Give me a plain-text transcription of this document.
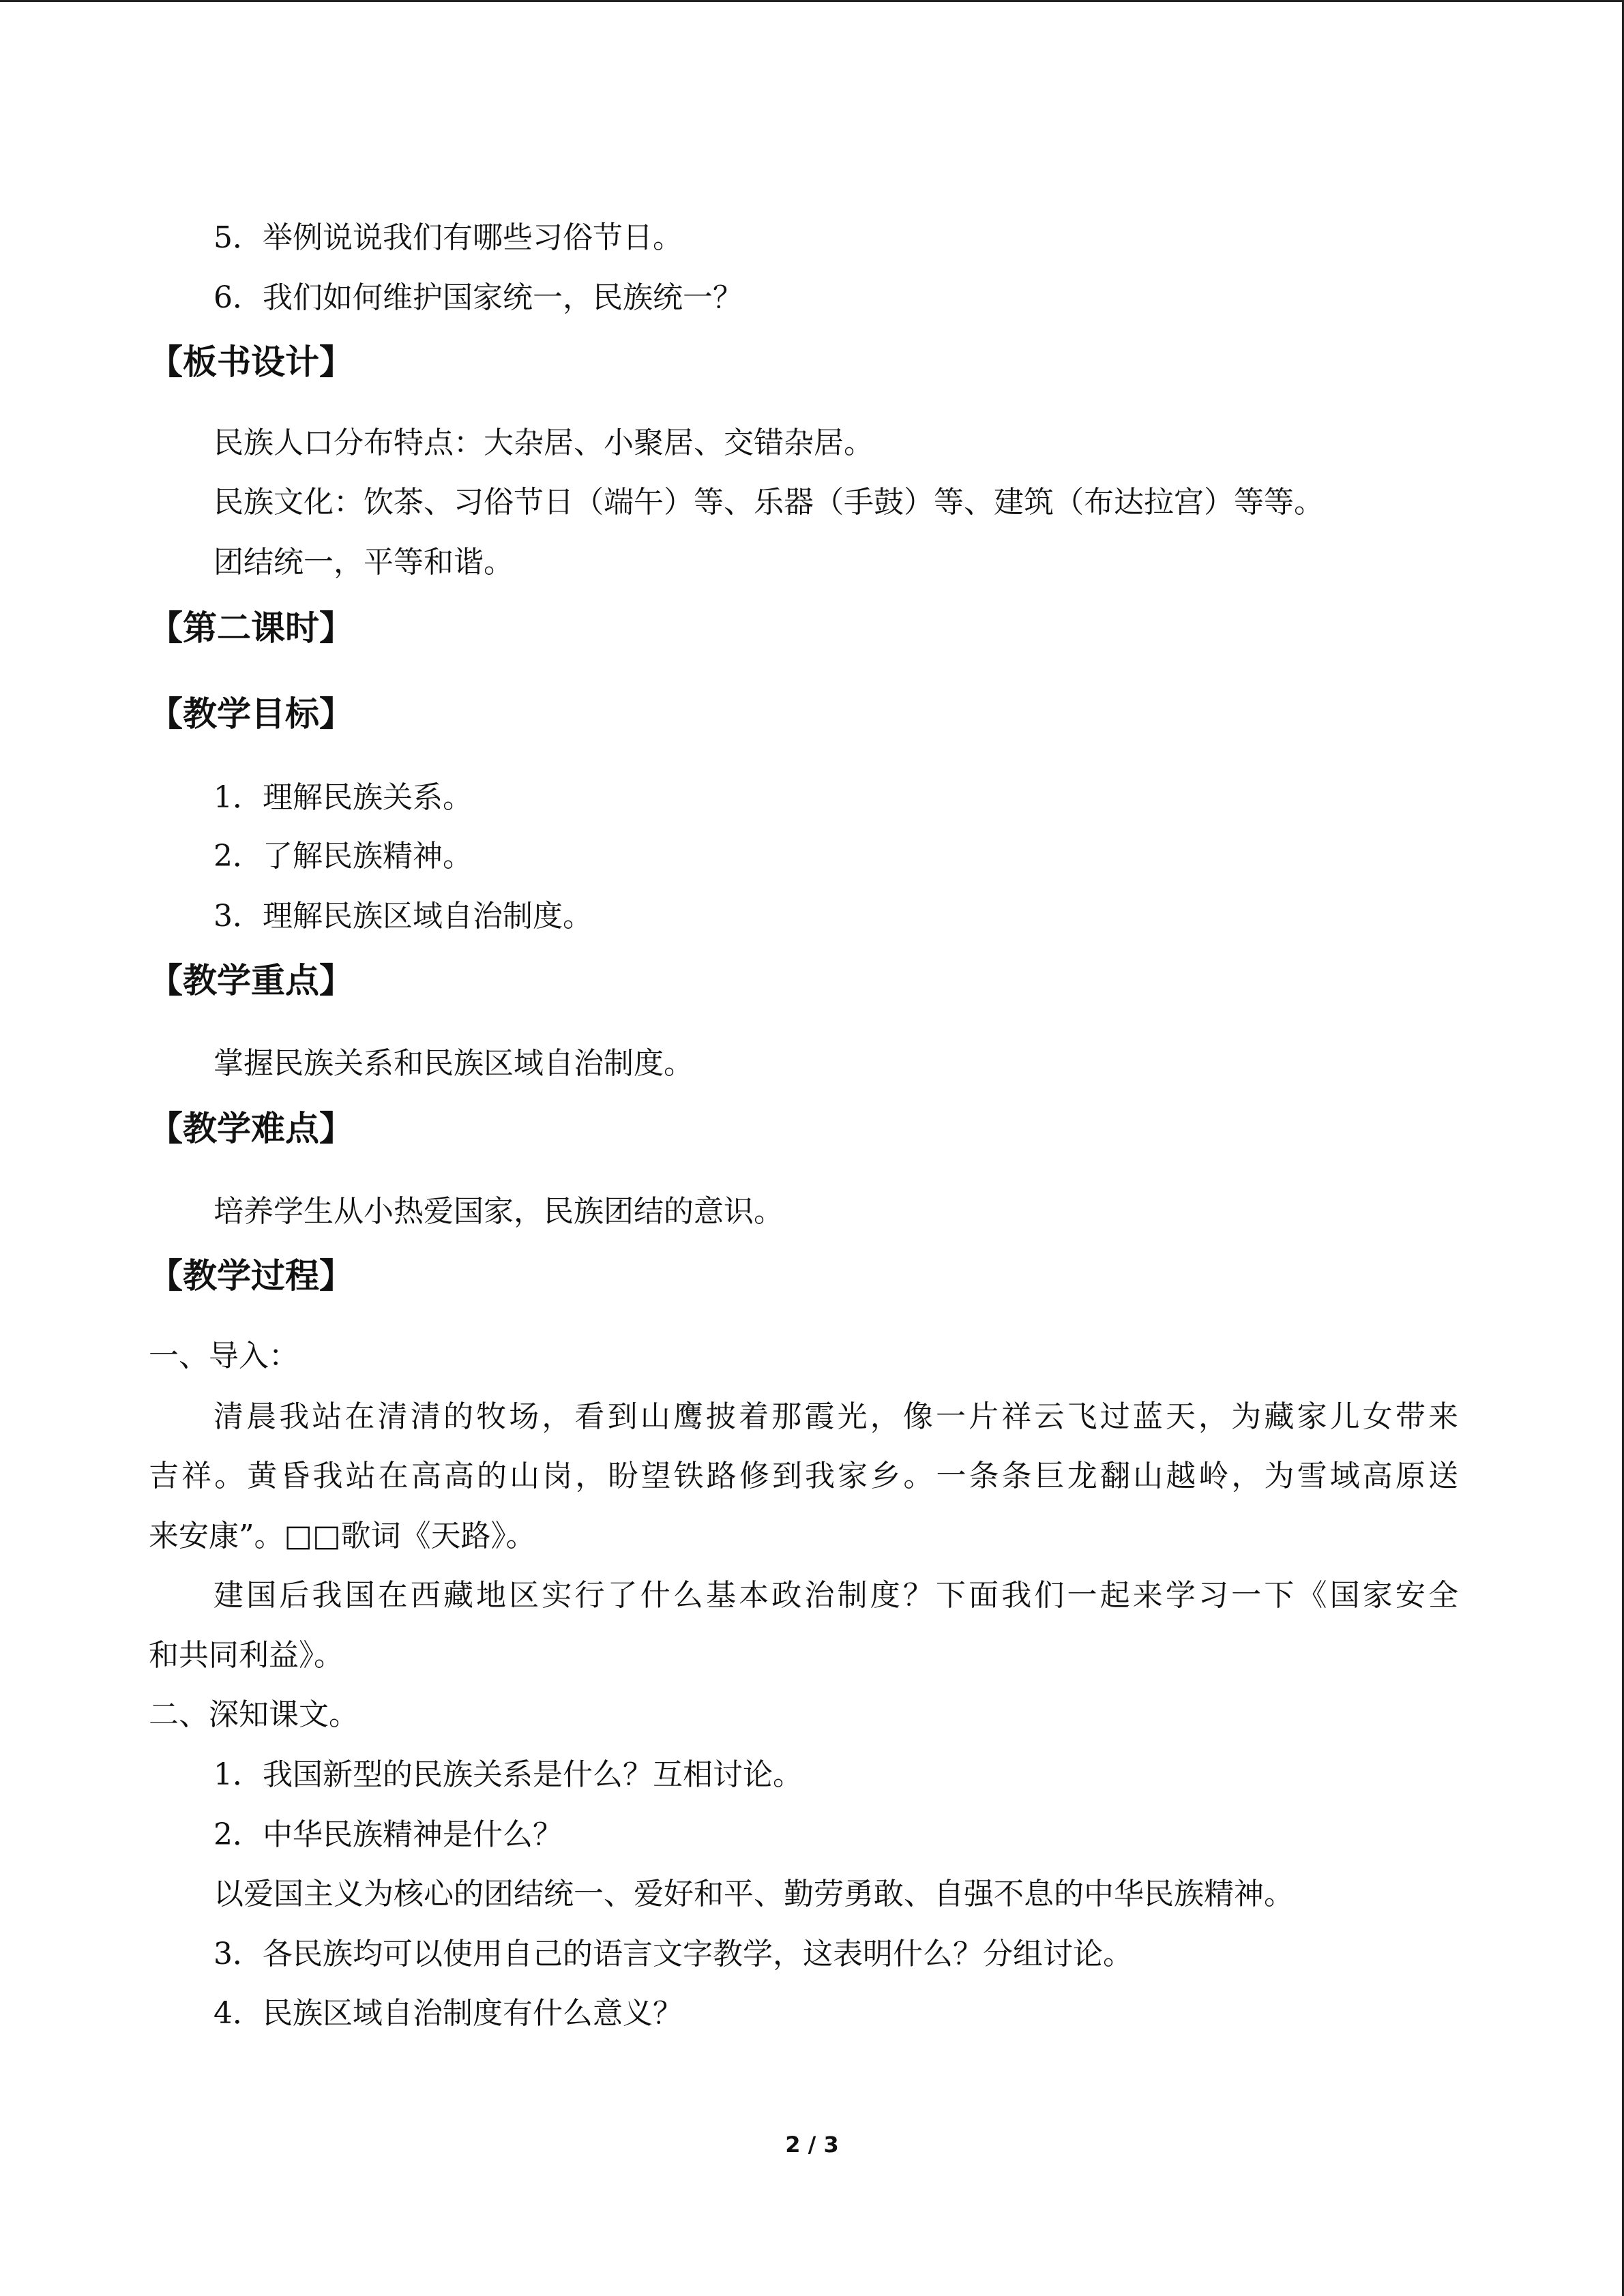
5．举例说说我们有哪些习俗节日。
6．我们如何维护国家统一，民族统一？
【板书设计】
民族人口分布特点：大杂居、小聚居、交错杂居。
民族文化：饮茶、习俗节日（端午）等、乐器（手鼓）等、建筑（布达拉宫）等等。
团结统一，平等和谐。
【第二课时】
【教学目标】
1．理解民族关系。
2．了解民族精神。
3．理解民族区域自治制度。
【教学重点】
掌握民族关系和民族区域自治制度。
【教学难点】
培养学生从小热爱国家，民族团结的意识。
【教学过程】
一、导入：
清晨我站在清清的牧场，看到山鹰披着那霞光，像一片祥云飞过蓝天，为藏家儿女带来
吉祥。黄昏我站在高高的山岗，盼望铁路修到我家乡。一条条巨龙翻山越岭，为雪域高原送
来安康”。□□歌词《天路》。
建国后我国在西藏地区实行了什么基本政治制度？下面我们一起来学习一下《国家安全
和共同利益》。
二、深知课文。
1．我国新型的民族关系是什么？互相讨论。
2．中华民族精神是什么？
以爱国主义为核心的团结统一、爱好和平、勤劳勇敢、自强不息的中华民族精神。
3．各民族均可以使用自己的语言文字教学，这表明什么？分组讨论。
4．民族区域自治制度有什么意义？
2 / 3
